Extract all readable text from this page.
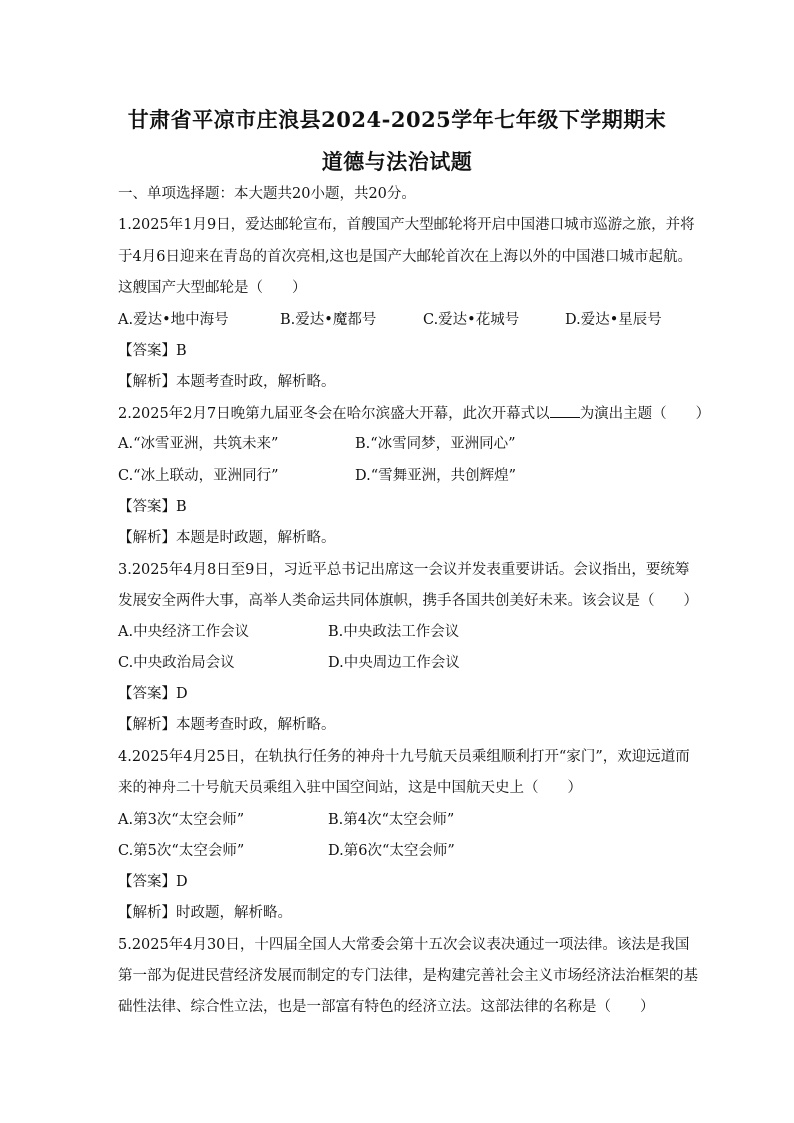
甘肃省平凉市庄浪县2024-2025学年七年级下学期期末
道德与法治试题
一、单项选择题：本大题共20小题，共20分。
1.2025年1月9日，爱达邮轮宣布，首艘国产大型邮轮将开启中国港口城市巡游之旅，并将
于4月6日迎来在青岛的首次亮相,这也是国产大邮轮首次在上海以外的中国港口城市起航。
这艘国产大型邮轮是（　　）
A.爱达•地中海号	B.爱达•魔都号	C.爱达•花城号	D.爱达•星辰号
【答案】B
【解析】本题考查时政，解析略。
2.2025年2月7日晚第九届亚冬会在哈尔滨盛大开幕，此次开幕式以 为演出主题（　　）
A.“冰雪亚洲，共筑未来”	B.“冰雪同梦，亚洲同心”
C.“冰上联动，亚洲同行”	D.“雪舞亚洲，共创辉煌”
【答案】B
【解析】本题是时政题，解析略。
3.2025年4月8日至9日，习近平总书记出席这一会议并发表重要讲话。会议指出，要统筹
发展安全两件大事，高举人类命运共同体旗帜，携手各国共创美好未来。该会议是（　　）
A.中央经济工作会议	B.中央政法工作会议
C.中央政治局会议	D.中央周边工作会议
【答案】D
【解析】本题考查时政，解析略。
4.2025年4月25日，在轨执行任务的神舟十九号航天员乘组顺利打开“家门”，欢迎远道而
来的神舟二十号航天员乘组入驻中国空间站，这是中国航天史上（　　）
A.第3次“太空会师”	B.第4次“太空会师”
C.第5次“太空会师”	D.第6次“太空会师”
【答案】D
【解析】时政题，解析略。
5.2025年4月30日，十四届全国人大常委会第十五次会议表决通过一项法律。该法是我国
第一部为促进民营经济发展而制定的专门法律，是构建完善社会主义市场经济法治框架的基
础性法律、综合性立法，也是一部富有特色的经济立法。这部法律的名称是（　　）
